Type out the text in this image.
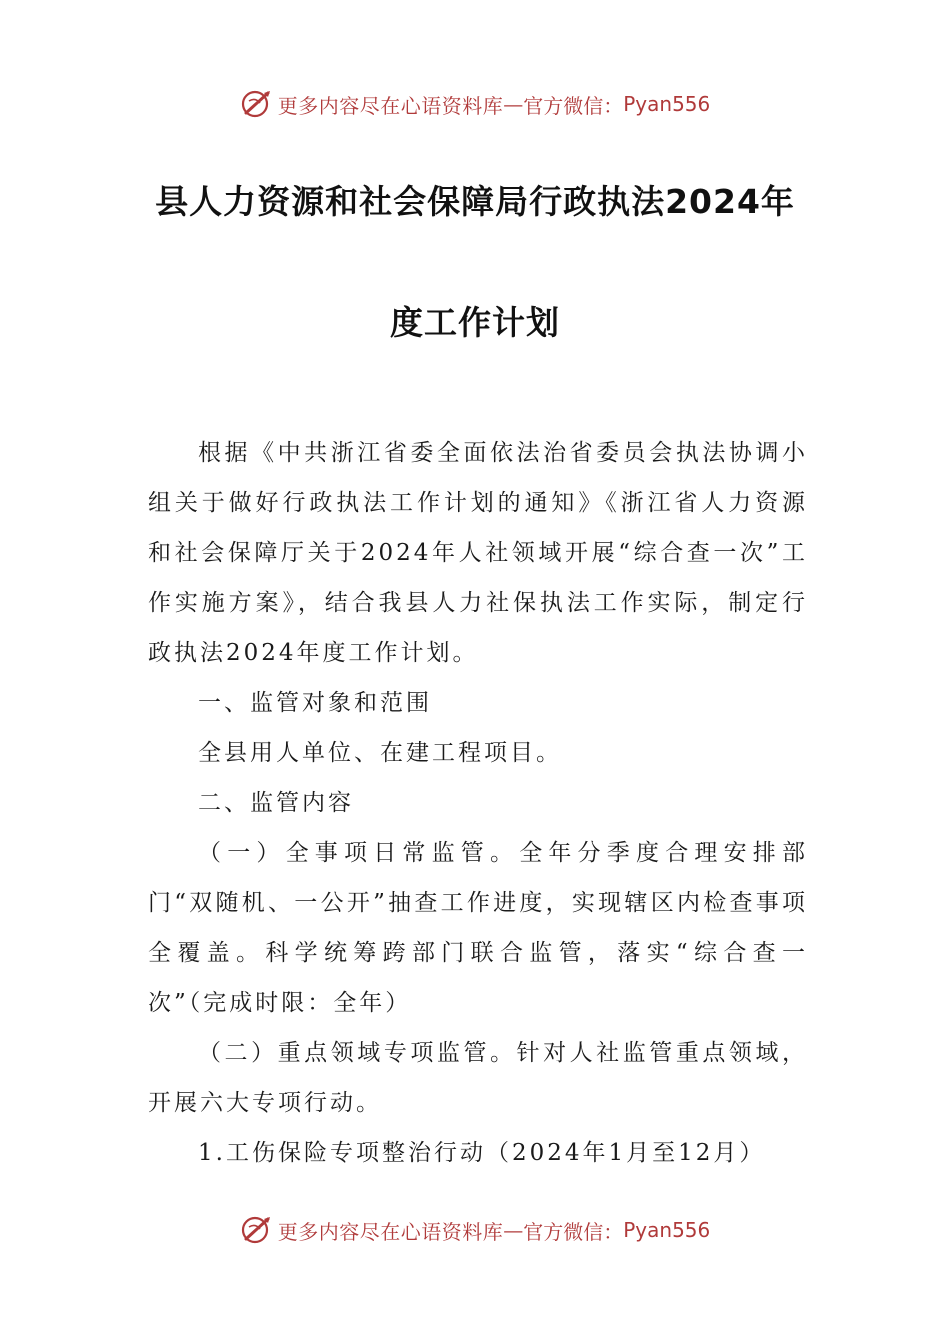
更多内容尽在心语资料库 — 官方微信： Pyan556
县人力资源和社会保障局行政执法2024年
度工作计划

根据《中共浙江省委全面依法治省委员会执法协调小组关于做好行政执法工作计划的通知》《浙江省人力资源和社会保障厅关于2024年人社领域开展“综合查一次”工作实施方案》，结合我县人力社保执法工作实际，制定行政执法2024年度工作计划。

一、监管对象和范围

全县用人单位、在建工程项目。

二、监管内容

（一）全事项日常监管。全年分季度合理安排部门“双随机、一公开”抽查工作进度，实现辖区内检查事项全覆盖。科学统筹跨部门联合监管，落实“综合查一次”（完成时限：全年）

（二）重点领域专项监管。针对人社监管重点领域，开展六大专项行动。

1.工伤保险专项整治行动（2024年1月至12月）

更多内容尽在心语资料库 — 官方微信： Pyan556
